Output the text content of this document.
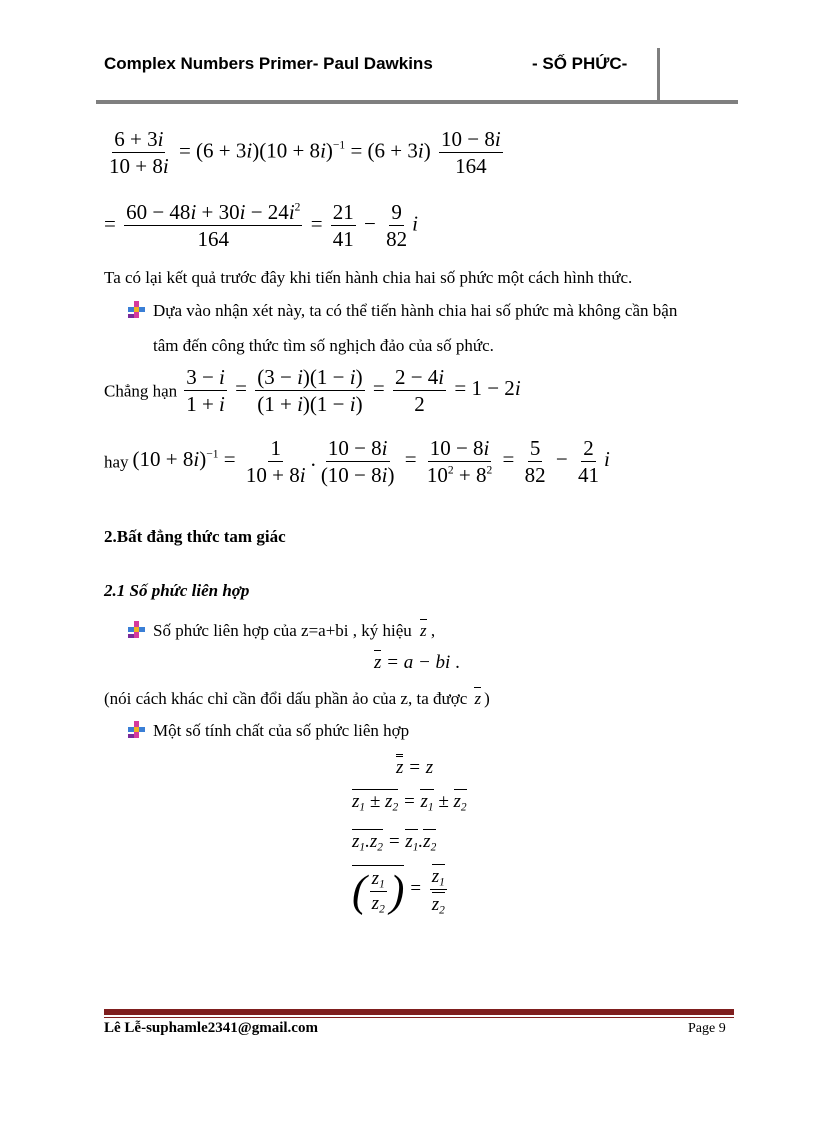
Complex Numbers Primer- Paul Dawkins	- SỐ PHỨC-
$\frac{6 + 3i}{10 + 8i} = (6 + 3i)(10 + 8i)^{-1} = (6 + 3i) \frac{10 - 8i}{164}$
= $\frac{60 - 48i + 30i - 24i^2}{164} = \frac{21}{41} - \frac{9}{82}$ i
Ta có lại kết quả trước đây khi tiến hành chia hai số phức một cách hình thức.
Dựa vào nhận xét này, ta có thể tiến hành chia hai số phức mà không cần bận
tâm đến công thức tìm số nghịch đảo của số phức.
Chẳng hạn $\frac{3 - i}{1 + i} = \frac{(3 - i)(1 - i)}{(1 + i)(1 - i)} = \frac{2 - 4i}{2} = 1 - 2i$
hay $(10 + 8i)^{-1} = \frac{1}{10 + 8i}$ . $\frac{10 - 8i}{(10 - 8i)} = \frac{10 - 8i}{10^2 + 8^2} = \frac{5}{82} - \frac{2}{41}$ i
2.Bất đẳng thức tam giác
2.1 Số phức liên hợp
Số phức liên hợp của z=a+bi , ký hiệu z ,
z = a − bi .
(nói cách khác chỉ cần đổi dấu phần ảo của z, ta được z )
Một số tính chất của số phức liên hợp
z = z
$z_1 \pm z_2 = z_1 \pm z_2$
$z_1.z_2 = z_1.z_2$
( $\frac{z_1}{z_2}$ ) =
$z_1$
$z_2$
Lê Lễ-suphamle2341@gmail.com	Page 9
